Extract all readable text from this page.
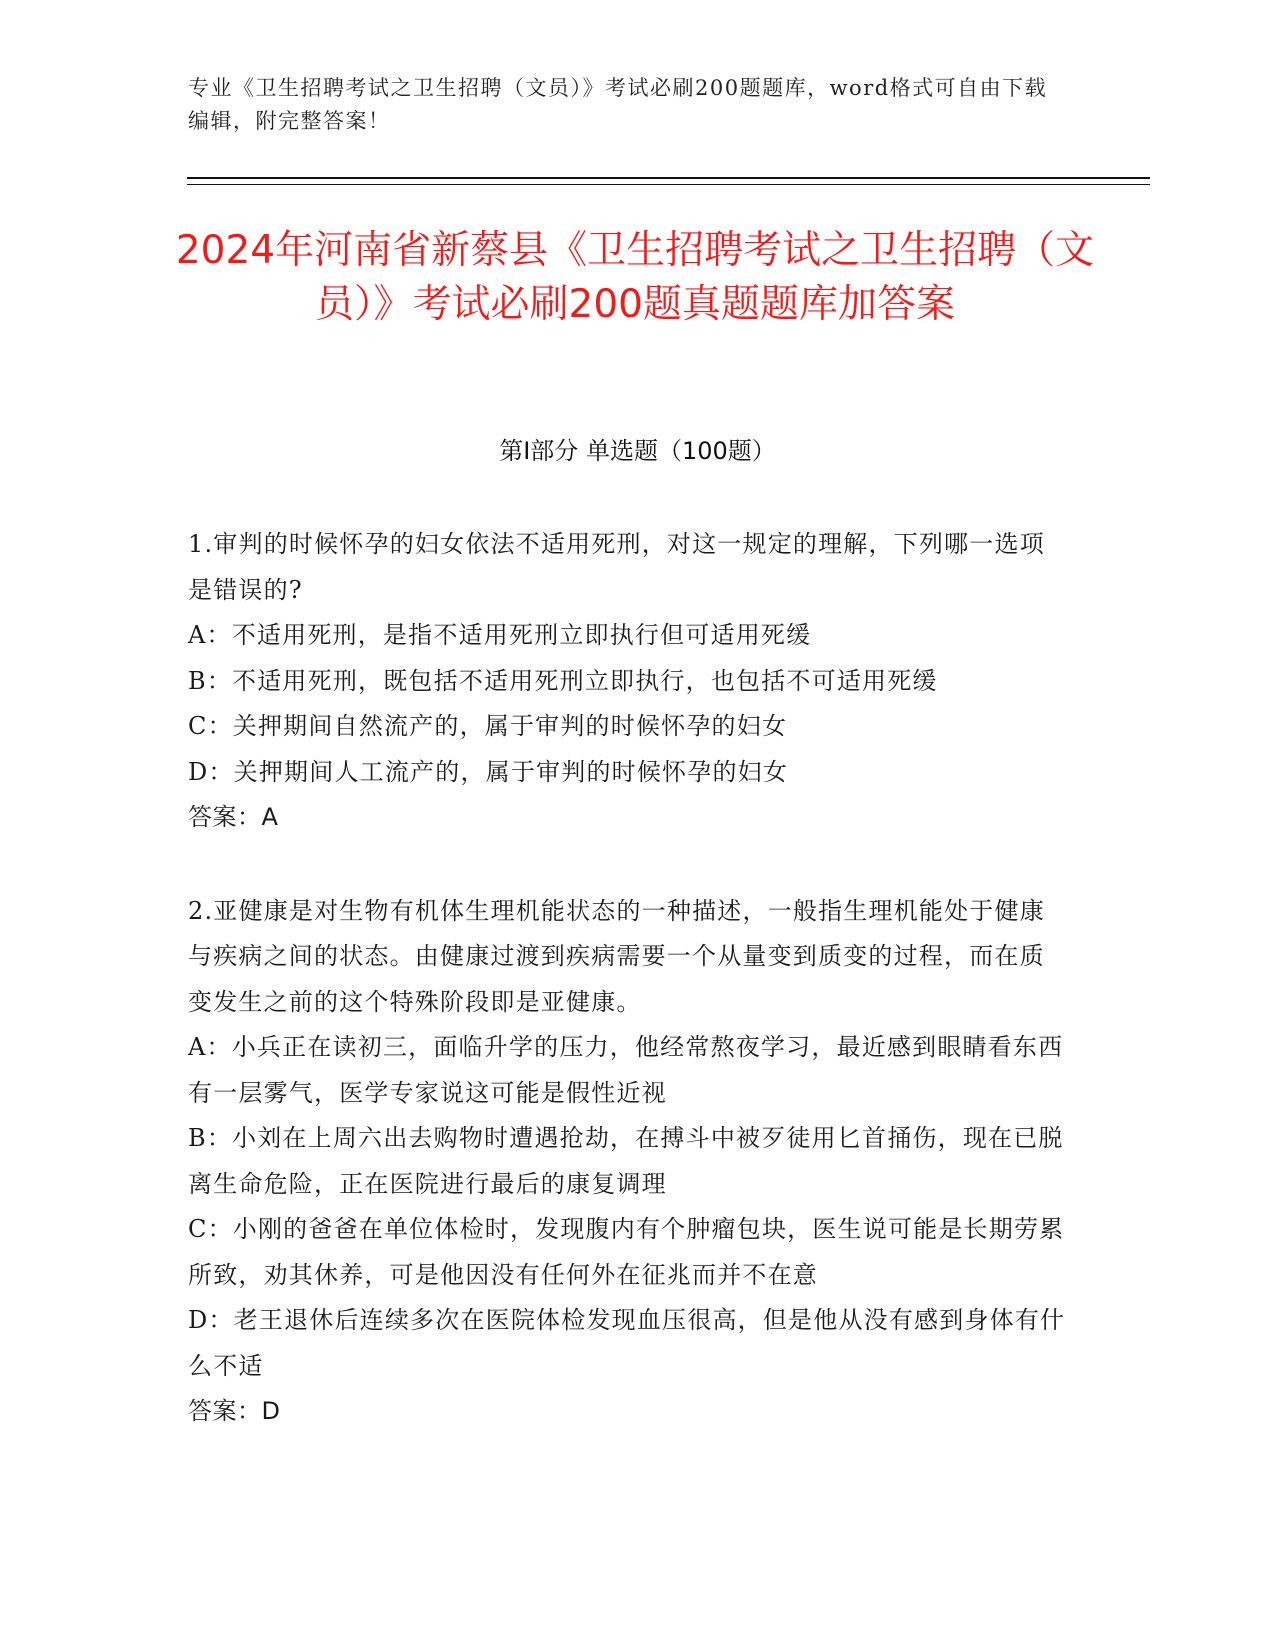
专业《卫生招聘考试之卫生招聘（文员）》考试必刷200题题库，word格式可自由下载编辑，附完整答案！
2024年河南省新蔡县《卫生招聘考试之卫生招聘（文员）》考试必刷200题真题题库加答案
第I部分 单选题（100题）
1.审判的时候怀孕的妇女依法不适用死刑，对这一规定的理解，下列哪一选项是错误的?
A：不适用死刑，是指不适用死刑立即执行但可适用死缓
B：不适用死刑，既包括不适用死刑立即执行，也包括不可适用死缓
C：关押期间自然流产的，属于审判的时候怀孕的妇女
D：关押期间人工流产的，属于审判的时候怀孕的妇女
答案：A
2.亚健康是对生物有机体生理机能状态的一种描述，一般指生理机能处于健康与疾病之间的状态。由健康过渡到疾病需要一个从量变到质变的过程，而在质变发生之前的这个特殊阶段即是亚健康。
A：小兵正在读初三，面临升学的压力，他经常熬夜学习，最近感到眼睛看东西有一层雾气，医学专家说这可能是假性近视
B：小刘在上周六出去购物时遭遇抢劫，在搏斗中被歹徒用匕首捅伤，现在已脱离生命危险，正在医院进行最后的康复调理
C：小刚的爸爸在单位体检时，发现腹内有个肿瘤包块，医生说可能是长期劳累所致，劝其休养，可是他因没有任何外在征兆而并不在意
D：老王退休后连续多次在医院体检发现血压很高，但是他从没有感到身体有什么不适
答案：D
